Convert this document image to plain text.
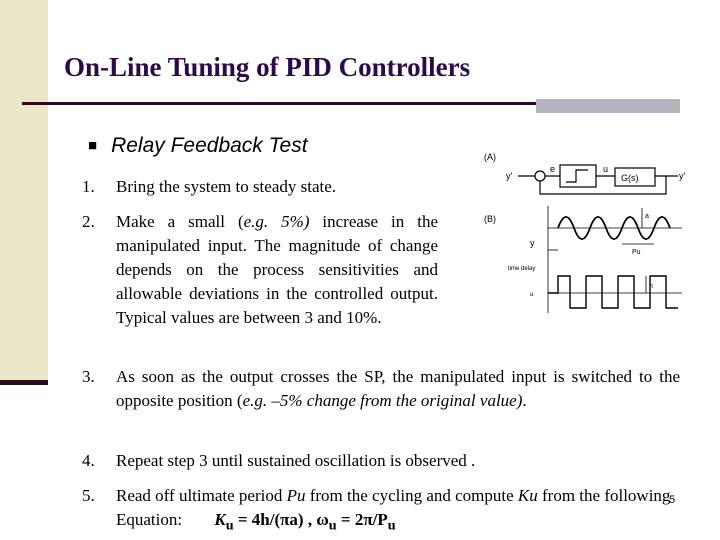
On-Line Tuning of PID Controllers
■ Relay Feedback Test
1. Bring the system to steady state.
2. Make a small (e.g. 5%) increase in the manipulated input. The magnitude of change depends on the process sensitivities and allowable deviations in the controlled output. Typical values are between 3 and 10%.
3. As soon as the output crosses the SP, the manipulated input is switched to the opposite position (e.g. –5% change from the original value).
4. Repeat step 3 until sustained oscillation is observed .
5. Read off ultimate period Pu from the cycling and compute Ku from the following Equation: $K_u = 4h/(\pi a)$ , $\omega_u = 2\pi/P_u$
5
(A)
(B)
y'
e	u
G(s)	y'
y
time delay
u
a
Pu
h
